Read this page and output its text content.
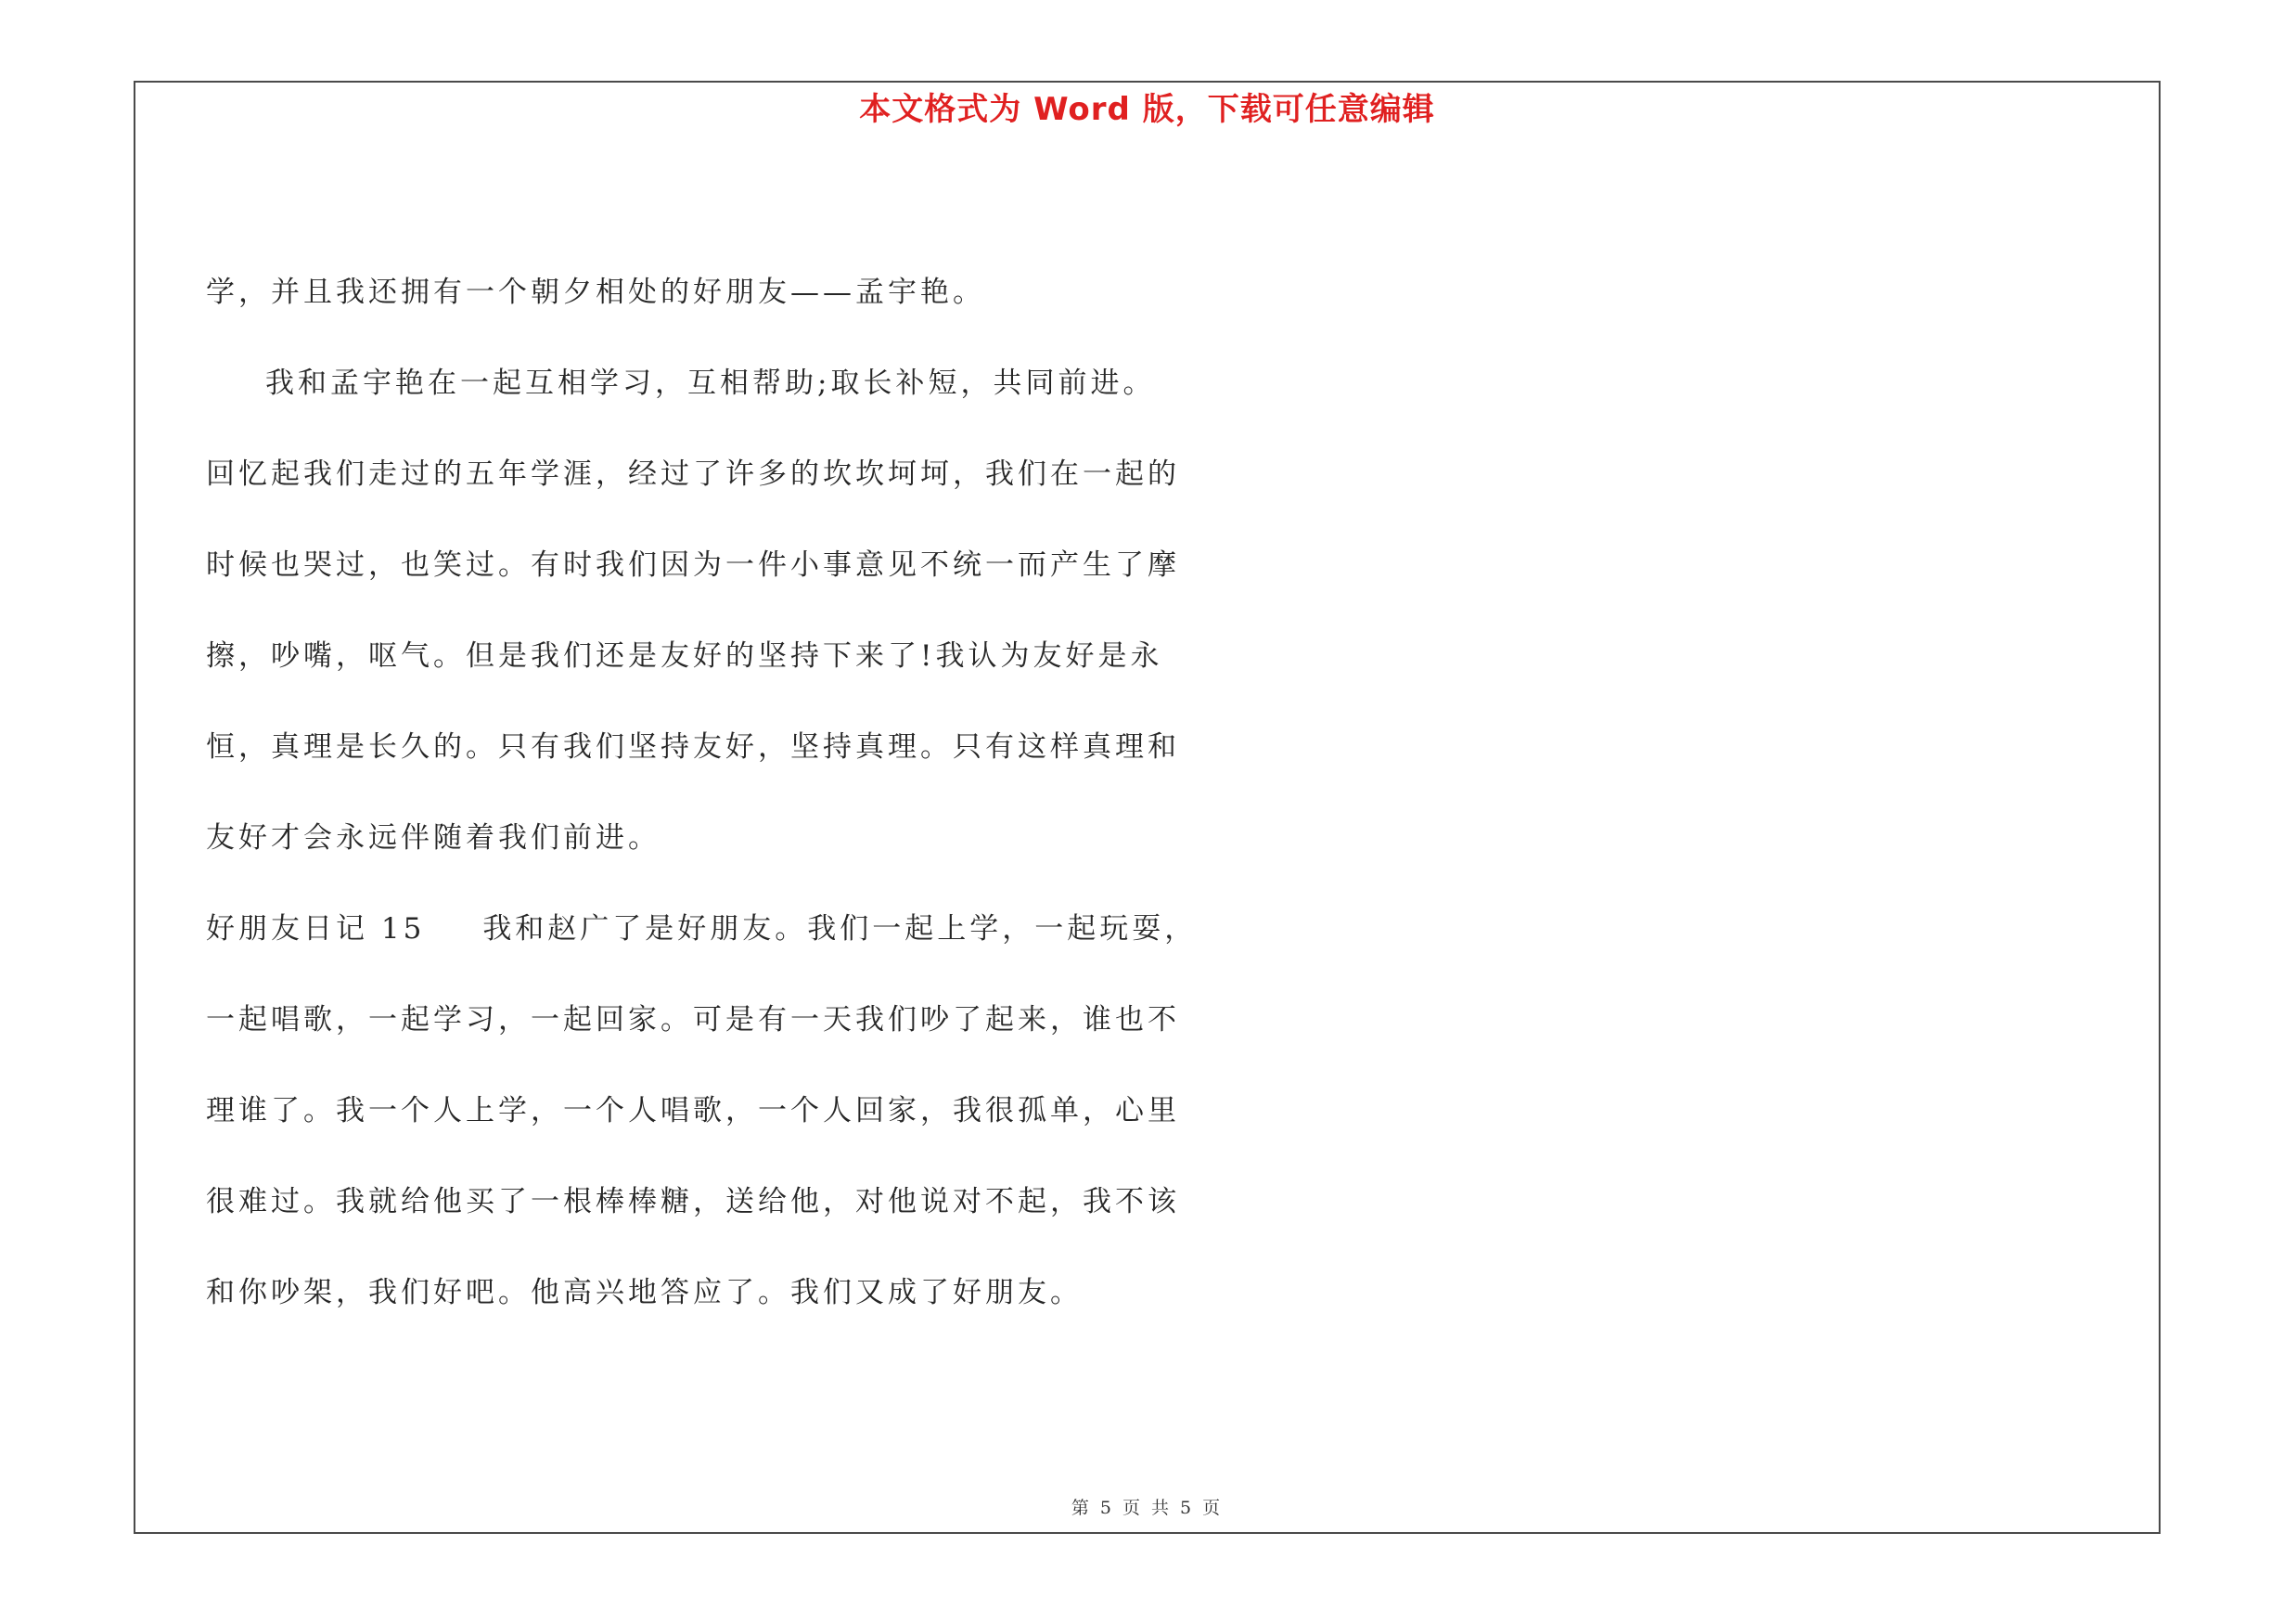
本文格式为 Word 版，下载可任意编辑
学，并且我还拥有一个朝夕相处的好朋友——孟宇艳。
我和孟宇艳在一起互相学习，互相帮助;取长补短，共同前进。
回忆起我们走过的五年学涯，经过了许多的坎坎坷坷，我们在一起的
时候也哭过，也笑过。有时我们因为一件小事意见不统一而产生了摩
擦，吵嘴，呕气。但是我们还是友好的坚持下来了!我认为友好是永
恒，真理是长久的。只有我们坚持友好，坚持真理。只有这样真理和
友好才会永远伴随着我们前进。
好朋友日记 15 我和赵广了是好朋友。我们一起上学，一起玩耍，
一起唱歌，一起学习，一起回家。可是有一天我们吵了起来，谁也不
理谁了。我一个人上学，一个人唱歌，一个人回家，我很孤单，心里
很难过。我就给他买了一根棒棒糖，送给他，对他说对不起，我不该
和你吵架，我们好吧。他高兴地答应了。我们又成了好朋友。
第 5 页 共 5 页
